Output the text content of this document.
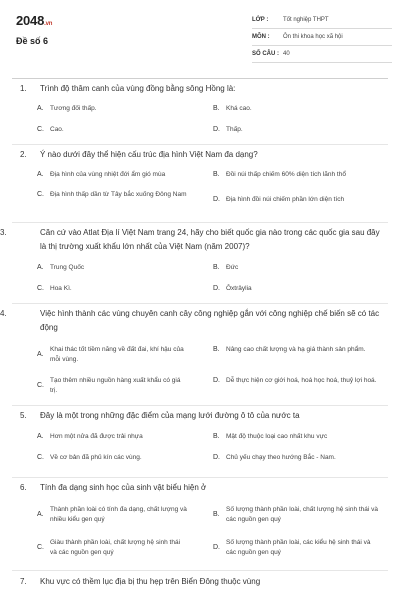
2048.vn
Đề số 6
LỚP :	Tốt nghiệp THPT
MÔN :	Ôn thi khoa học xã hội
SỐ CÂU : 40
1. Trình độ thâm canh của vùng đồng bằng sông Hồng là:
A. Tương đối thấp.	B. Khá cao.
C. Cao.	D. Thấp.
2. Ý nào dưới đây thể hiện cấu trúc địa hình Việt Nam đa dạng?
A. Địa hình của vùng nhiệt đới ẩm gió mùa	B. Đồi núi thấp chiếm 60% diện tích lãnh thổ
C. Địa hình thấp dần từ Tây bắc xuống Đông Nam
D. Địa hình đồi núi chiếm phần lớn diện tích
3.	Căn cứ vào Atlat Địa lí Việt Nam trang 24, hãy cho biết quốc gia nào trong các quốc gia sau đây là thị trường xuất khẩu lớn nhất của Việt Nam (năm 2007)?
A. Trung Quốc	B. Đức
C. Hoa Kì.	D. Ôxtrâylia
4.	Việc hình thành các vùng chuyên canh cây công nghiệp gắn với công nghiệp chế biến sẽ có tác động
A.
Khai thác tốt tiềm năng về đất đai, khí hậu của mỗi vùng.
B. Nâng cao chất lượng và hạ giá thành sản phẩm.
C.
Tạo thêm nhiều nguồn hàng xuất khẩu có giá trị.
D. Dễ thực hiện cơ giới hoá, hoá học hoá, thuỷ lợi hoá.
5. Đây là một trong những đặc điểm của mạng lưới đường ô tô của nước ta
A. Hơn một nửa đã được trải nhựa	B. Mật độ thuộc loại cao nhất khu vực
C. Về cơ bản đã phủ kín các vùng.	D. Chủ yếu chạy theo hướng Bắc - Nam.
6. Tính đa dạng sinh học của sinh vật biểu hiện ở
A.
Thành phần loài có tính đa dạng, chất lượng và nhiều kiểu gen quý
B.
Số lượng thành phần loài, chất lượng hệ sinh thái và các nguồn gen quý
C.
Giàu thành phần loài, chất lượng hệ sinh thái và các nguồn gen quý
D.
Số lượng thành phần loài, các kiểu hệ sinh thái và các nguồn gen quý
7. Khu vực có thềm lục địa bị thu hẹp trên Biển Đông thuộc vùng
